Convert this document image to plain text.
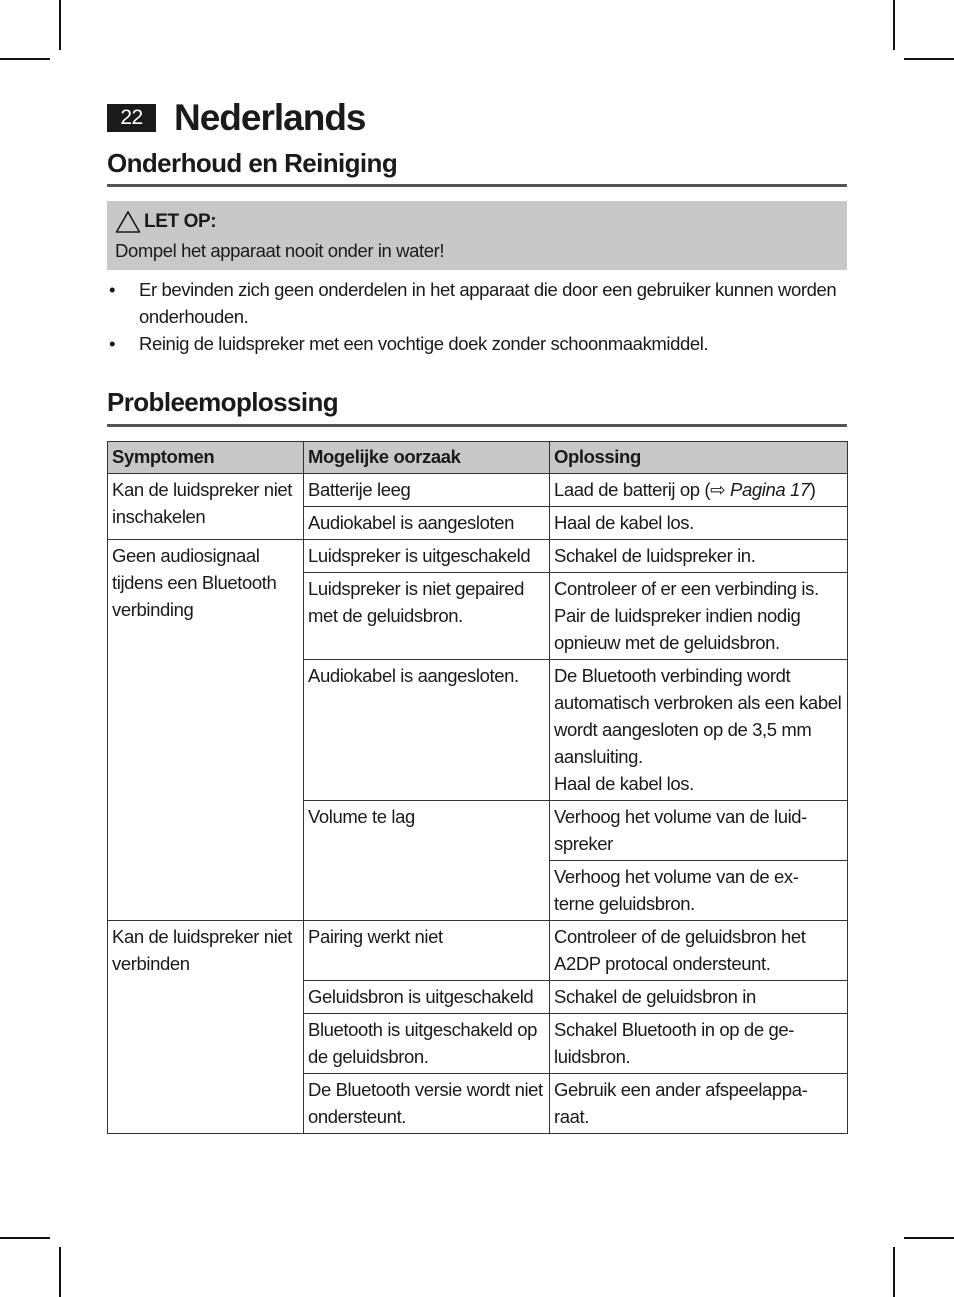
22 Nederlands
Onderhoud en Reiniging
LET OP:
Dompel het apparaat nooit onder in water!
• Er bevinden zich geen onderdelen in het apparaat die door een gebruiker kunnen worden onderhouden.
• Reinig de luidspreker met een vochtige doek zonder schoonmaakmiddel.
Probleemoplossing
Symptomen	Mogelijke oorzaak	Oplossing
Kan de luidspreker niet inschakelen	Batterije leeg	Laad de batterij op (⇨ Pagina 17)
	Audiokabel is aangesloten	Haal de kabel los.
Geen audiosignaal tijdens een Bluetooth verbinding	Luidspreker is uitgeschakeld	Schakel de luidspreker in.
	Luidspreker is niet gepaired met de geluidsbron.	Controleer of er een verbinding is. Pair de luidspreker indien nodig opnieuw met de geluidsbron.
	Audiokabel is aangesloten.	De Bluetooth verbinding wordt automatisch verbroken als een kabel wordt aangesloten op de 3,5 mm aansluiting.
Haal de kabel los.
	Volume te lag	Verhoog het volume van de luid-
spreker
		Verhoog het volume van de ex-
terne geluidsbron.
Kan de luidspreker niet verbinden	Pairing werkt niet	Controleer of de geluidsbron het A2DP protocal ondersteunt.
	Geluidsbron is uitgeschakeld	Schakel de geluidsbron in
	Bluetooth is uitgeschakeld op de geluidsbron.	Schakel Bluetooth in op de ge-
luidsbron.
	De Bluetooth versie wordt niet ondersteunt.	Gebruik een ander afspeelappa-
raat.
